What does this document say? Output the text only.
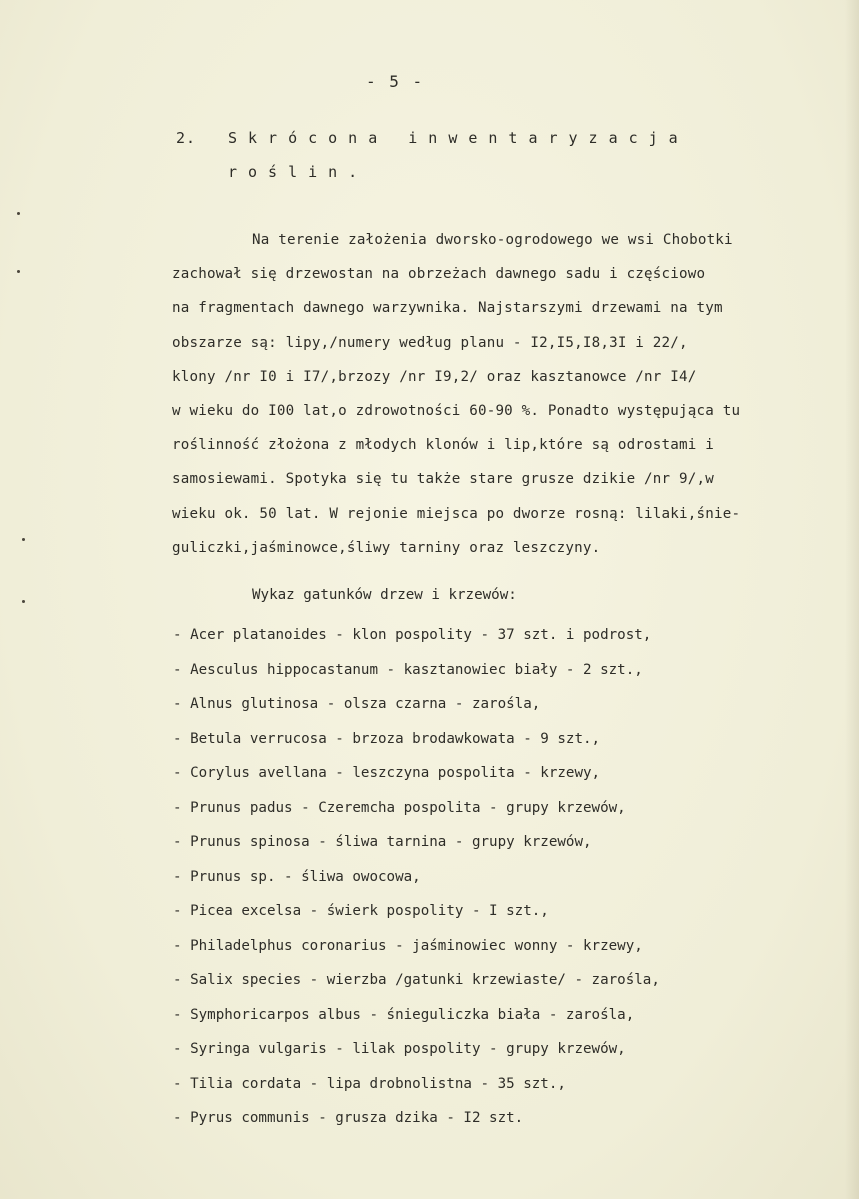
- 5 -
2. Skrócona inwentaryzacja
roślin.
Na terenie założenia dworsko-ogrodowego we wsi Chobotki
zachował się drzewostan na obrzeżach dawnego sadu i częściowo
na fragmentach dawnego warzywnika. Najstarszymi drzewami na tym
obszarze są: lipy,/numery według planu - I2,I5,I8,3I i 22/,
klony /nr I0 i I7/,brzozy /nr I9,2/ oraz kasztanowce /nr I4/
w wieku do I00 lat,o zdrowotności 60-90 %. Ponadto występująca tu
roślinność złożona z młodych klonów i lip,które są odrostami i
samosiewami. Spotyka się tu także stare grusze dzikie /nr 9/,w
wieku ok. 50 lat. W rejonie miejsca po dworze rosną: lilaki,śnie-
guliczki,jaśminowce,śliwy tarniny oraz leszczyny.
Wykaz gatunków drzew i krzewów:
- Acer platanoides - klon pospolity - 37 szt. i podrost,
- Aesculus hippocastanum - kasztanowiec biały - 2 szt.,
- Alnus glutinosa - olsza czarna - zarośla,
- Betula verrucosa - brzoza brodawkowata - 9 szt.,
- Corylus avellana - leszczyna pospolita - krzewy,
- Prunus padus - Czeremcha pospolita - grupy krzewów,
- Prunus spinosa - śliwa tarnina - grupy krzewów,
- Prunus sp. - śliwa owocowa,
- Picea excelsa - świerk pospolity - I szt.,
- Philadelphus coronarius - jaśminowiec wonny - krzewy,
- Salix species - wierzba /gatunki krzewiaste/ - zarośla,
- Symphoricarpos albus - śnieguliczka biała - zarośla,
- Syringa vulgaris - lilak pospolity - grupy krzewów,
- Tilia cordata - lipa drobnolistna - 35 szt.,
- Pyrus communis - grusza dzika - I2 szt.
